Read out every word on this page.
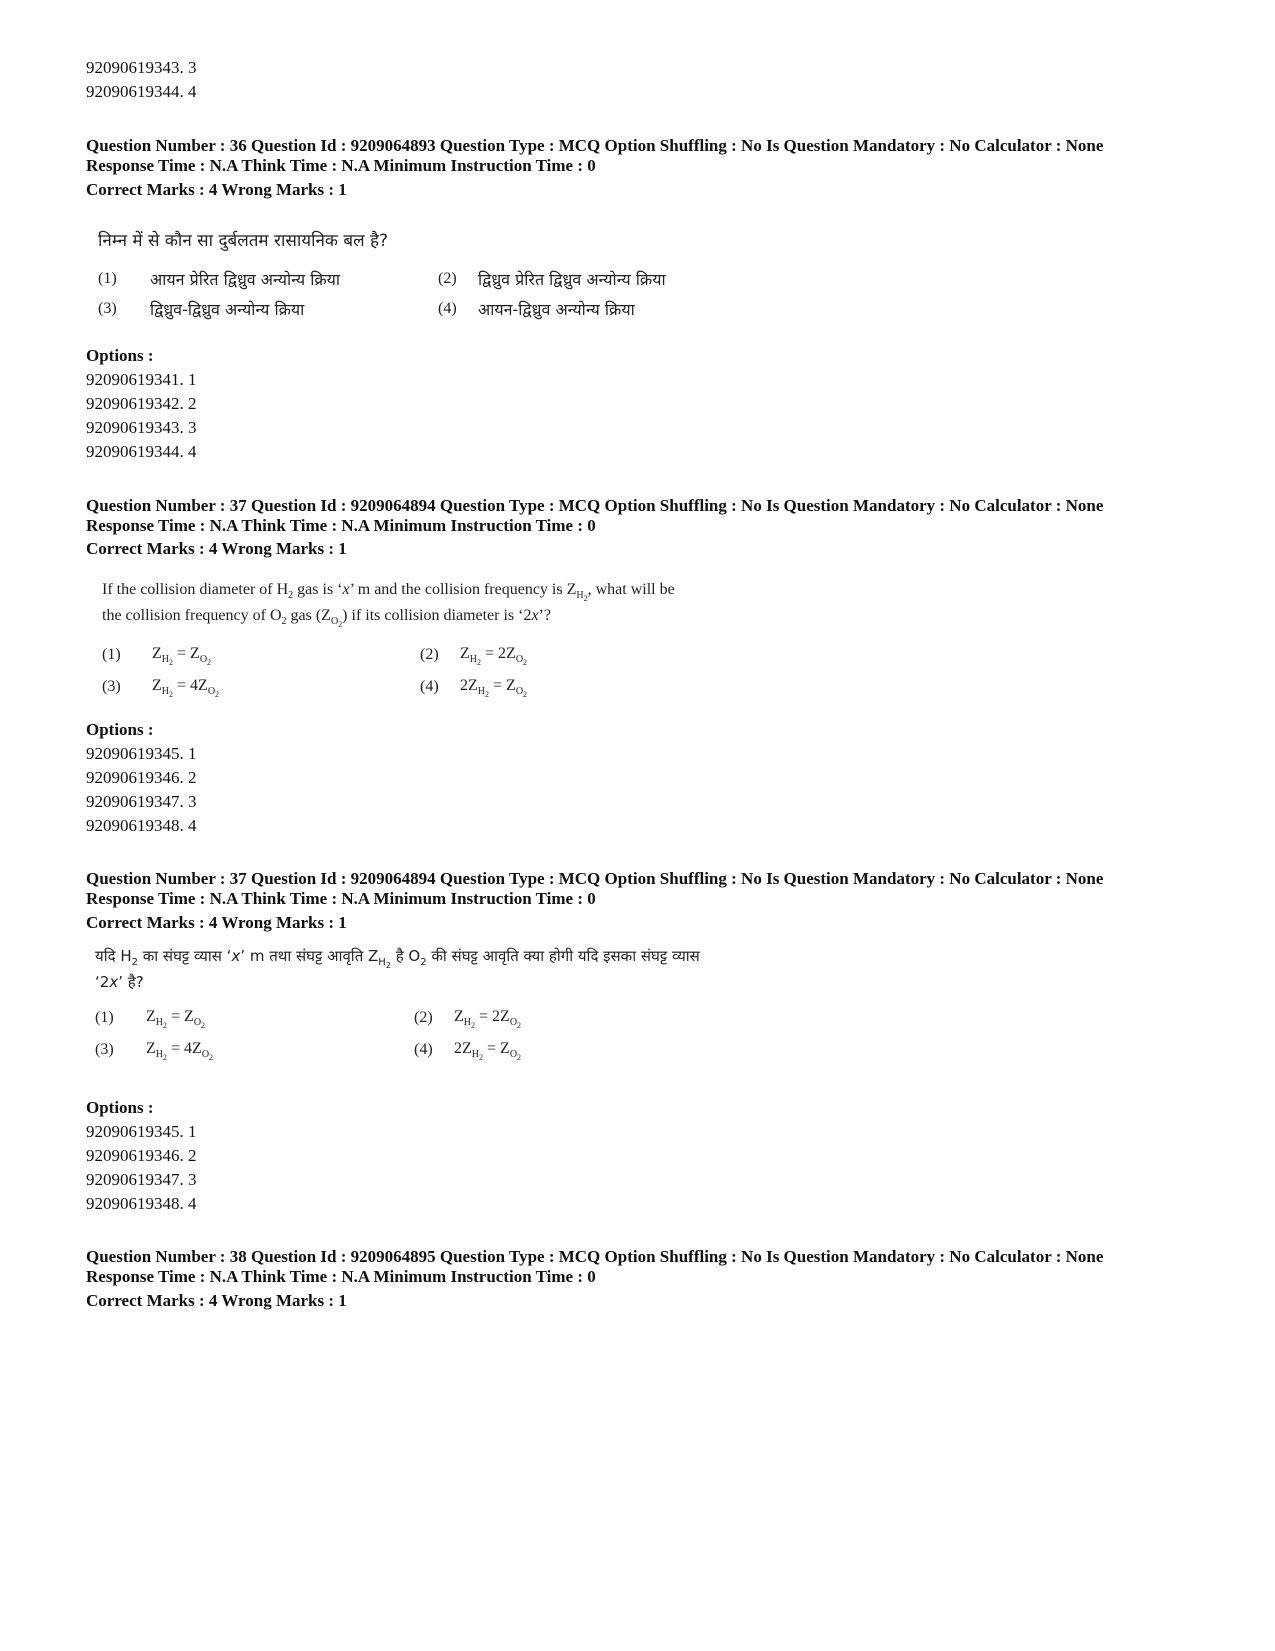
92090619343. 3
92090619344. 4
Question Number : 36 Question Id : 9209064893 Question Type : MCQ Option Shuffling : No Is Question Mandatory : No Calculator : None
Response Time : N.A Think Time : N.A Minimum Instruction Time : 0
Correct Marks : 4 Wrong Marks : 1
निम्न में से कौन सा दुर्बलतम रासायनिक बल है?
(1) आयन प्रेरित द्विध्रुव अन्योन्य क्रिया	(2) द्विध्रुव प्रेरित द्विध्रुव अन्योन्य क्रिया
(3) द्विध्रुव-द्विध्रुव अन्योन्य क्रिया	(4) आयन-द्विध्रुव अन्योन्य क्रिया
Options :
92090619341. 1
92090619342. 2
92090619343. 3
92090619344. 4
Question Number : 37 Question Id : 9209064894 Question Type : MCQ Option Shuffling : No Is Question Mandatory : No Calculator : None
Response Time : N.A Think Time : N.A Minimum Instruction Time : 0
Correct Marks : 4 Wrong Marks : 1
If the collision diameter of $H_2$ gas is ‘x’ m and the collision frequency is $Z_{H_2}$, what will be
the collision frequency of $O_2$ gas $(Z_{O_2})$ if its collision diameter is ‘2x’?
(1) $Z_{H_2} = Z_{O_2}$	(2) $Z_{H_2} = 2Z_{O_2}$
(3) $Z_{H_2} = 4Z_{O_2}$	(4) $2Z_{H_2} = Z_{O_2}$
Options :
92090619345. 1
92090619346. 2
92090619347. 3
92090619348. 4
Question Number : 37 Question Id : 9209064894 Question Type : MCQ Option Shuffling : No Is Question Mandatory : No Calculator : None
Response Time : N.A Think Time : N.A Minimum Instruction Time : 0
Correct Marks : 4 Wrong Marks : 1
यदि $H_2$ का संघट्ट व्यास ‘x’ m तथा संघट्ट आवृति $Z_{H_2}$ है $O_2$ की संघट्ट आवृति क्या होगी यदि इसका संघट्ट व्यास
‘2x’ है?
(1) $Z_{H_2} = Z_{O_2}$	(2) $Z_{H_2} = 2Z_{O_2}$
(3) $Z_{H_2} = 4Z_{O_2}$	(4) $2Z_{H_2} = Z_{O_2}$
Options :
92090619345. 1
92090619346. 2
92090619347. 3
92090619348. 4
Question Number : 38 Question Id : 9209064895 Question Type : MCQ Option Shuffling : No Is Question Mandatory : No Calculator : None
Response Time : N.A Think Time : N.A Minimum Instruction Time : 0
Correct Marks : 4 Wrong Marks : 1
